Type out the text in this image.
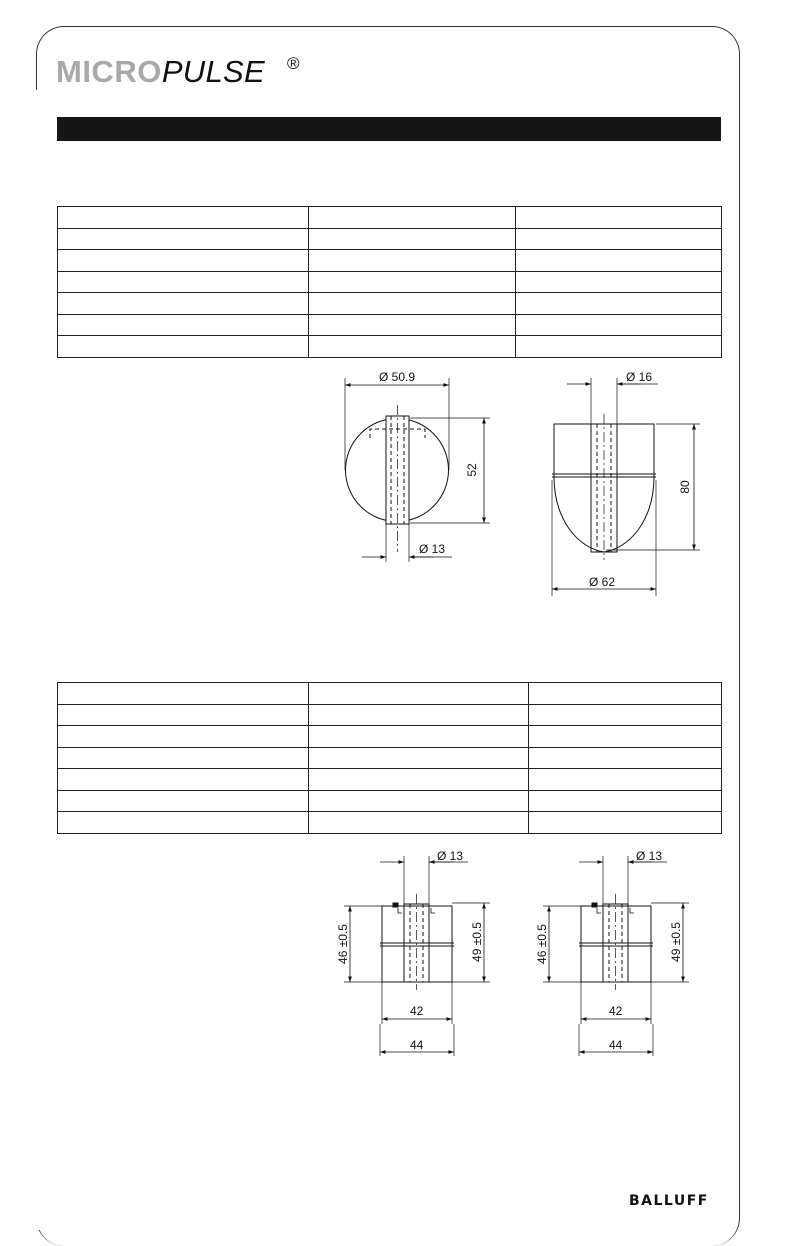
MICROPULSE ®

Ø 50.9
52
Ø 13
Ø 16
80
Ø 62
Ø 13
46 ±0.5	49 ±0.5
42
44
Ø 13
46 ±0.5	49 ±0.5
42
44
BALLUFF
